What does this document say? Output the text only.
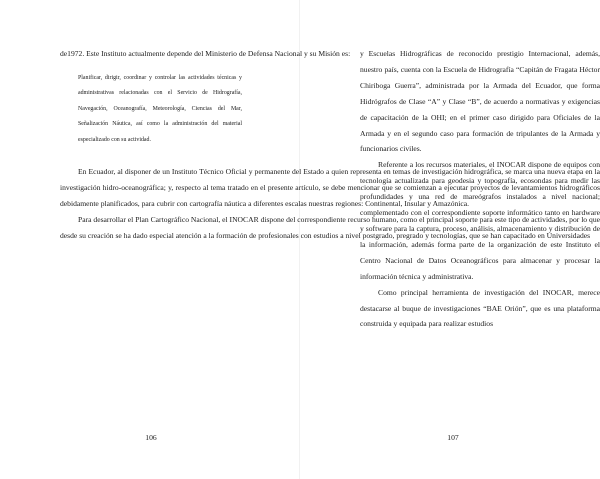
de1972. Este Instituto actualmente depende del Ministerio de Defensa Nacional y su Misión es:

Planificar, dirigir, coordinar y controlar las actividades técnicas y administrativas relacionadas con el Servicio de Hidrografía, Navegación, Oceanografía, Meteorología, Ciencias del Mar, Señalización Náutica, así como la administración del material especializado con su actividad.

En Ecuador, al disponer de un Instituto Técnico Oficial y permanente del Estado a quien representa en temas de investigación hidrográfica, se marca una nueva etapa en la investigación hidro-oceanográfica; y, respecto al tema tratado en el presente artículo, se debe mencionar que se comienzan a ejecutar proyectos de levantamientos hidrográficos debidamente planificados, para cubrir con cartografía náutica a diferentes escalas nuestras regiones: Continental, Insular y Amazónica.

Para desarrollar el Plan Cartográfico Nacional, el INOCAR dispone del correspondiente recurso humano, como el principal soporte para este tipo de actividades, por lo que desde su creación se ha dado especial atención a la formación de profesionales con estudios a nivel postgrado, pregrado y tecnologías, que se han capacitado en Universidades

106

y Escuelas Hidrográficas de reconocido prestigio Internacional, además, nuestro país, cuenta con la Escuela de Hidrografía “Capitán de Fragata Héctor Chiriboga Guerra”, administrada por la Armada del Ecuador, que forma Hidrógrafos de Clase “A” y Clase “B”, de acuerdo a normativas y exigencias de capacitación de la OHI; en el primer caso dirigido para Oficiales de la Armada y en el segundo caso para formación de tripulantes de la Armada y funcionarios civiles.

Referente a los recursos materiales, el INOCAR dispone de equipos con tecnología actualizada para geodesia y topografía, ecosondas para medir las profundidades y una red de mareógrafos instalados a nivel nacional; complementado con el correspondiente soporte informático tanto en hardware y software para la captura, proceso, análisis, almacenamiento y distribución de la información, además forma parte de la organización de este Instituto el Centro Nacional de Datos Oceanográficos para almacenar y procesar la información técnica y administrativa.

Como principal herramienta de investigación del INOCAR, merece destacarse al buque de investigaciones “BAE Orión”, que es una plataforma construida y equipada para realizar estudios

107
